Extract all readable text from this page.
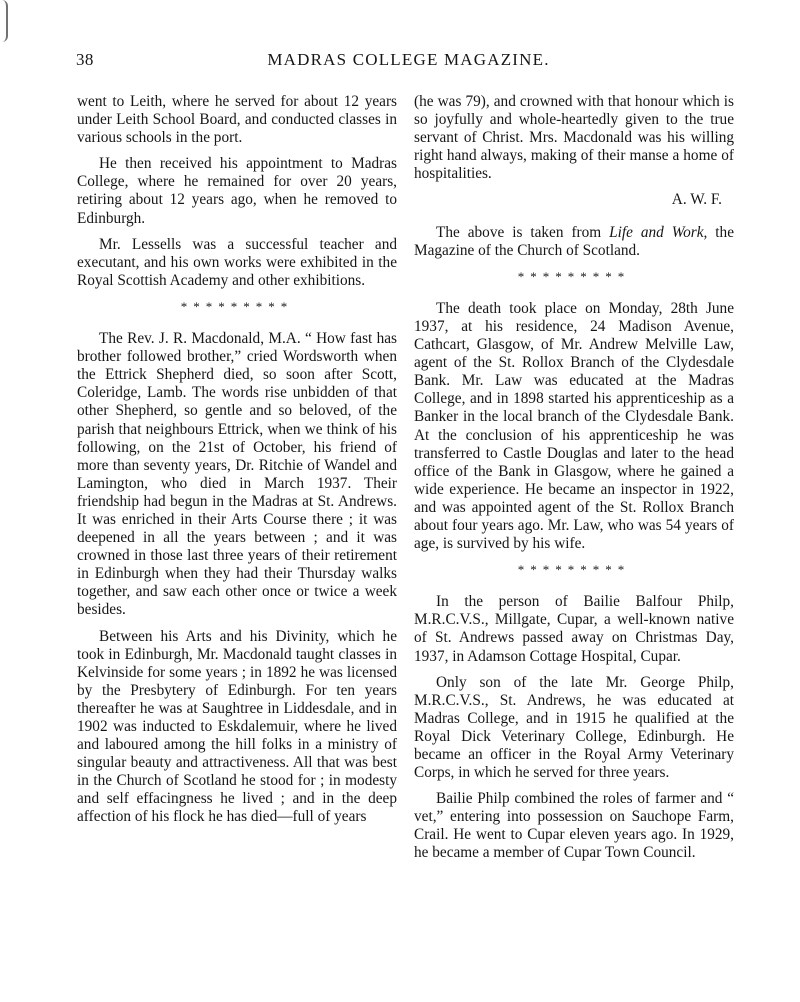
38	MADRAS COLLEGE MAGAZINE.

went to Leith, where he served for about 12 years under Leith School Board, and conducted classes in various schools in the port.

He then received his appointment to Madras College, where he remained for over 20 years, retiring about 12 years ago, when he removed to Edinburgh.

Mr. Lessells was a successful teacher and executant, and his own works were exhibited in the Royal Scottish Academy and other exhibitions.

*********

The Rev. J. R. Macdonald, M.A. “ How fast has brother followed brother,” cried Wordsworth when the Ettrick Shepherd died, so soon after Scott, Coleridge, Lamb. The words rise unbidden of that other Shepherd, so gentle and so beloved, of the parish that neighbours Ettrick, when we think of his following, on the 21st of October, his friend of more than seventy years, Dr. Ritchie of Wandel and Lamington, who died in March 1937. Their friendship had begun in the Madras at St. Andrews. It was enriched in their Arts Course there ; it was deepened in all the years between ; and it was crowned in those last three years of their retirement in Edinburgh when they had their Thursday walks together, and saw each other once or twice a week besides.

Between his Arts and his Divinity, which he took in Edinburgh, Mr. Macdonald taught classes in Kelvinside for some years ; in 1892 he was licensed by the Presbytery of Edinburgh. For ten years thereafter he was at Saughtree in Liddesdale, and in 1902 was inducted to Eskdalemuir, where he lived and laboured among the hill folks in a ministry of singular beauty and attractiveness. All that was best in the Church of Scotland he stood for ; in modesty and self effacingness he lived ; and in the deep affection of his flock he has died—full of years

(he was 79), and crowned with that honour which is so joyfully and whole-heartedly given to the true servant of Christ. Mrs. Macdonald was his willing right hand always, making of their manse a home of hospitalities.

A. W. F.

The above is taken from Life and Work, the Magazine of the Church of Scotland.

*********

The death took place on Monday, 28th June 1937, at his residence, 24 Madison Avenue, Cathcart, Glasgow, of Mr. Andrew Melville Law, agent of the St. Rollox Branch of the Clydesdale Bank. Mr. Law was educated at the Madras College, and in 1898 started his apprenticeship as a Banker in the local branch of the Clydesdale Bank. At the conclusion of his apprenticeship he was transferred to Castle Douglas and later to the head office of the Bank in Glasgow, where he gained a wide experience. He became an inspector in 1922, and was appointed agent of the St. Rollox Branch about four years ago. Mr. Law, who was 54 years of age, is survived by his wife.

*********

In the person of Bailie Balfour Philp, M.R.C.V.S., Millgate, Cupar, a well-known native of St. Andrews passed away on Christmas Day, 1937, in Adamson Cottage Hospital, Cupar.

Only son of the late Mr. George Philp, M.R.C.V.S., St. Andrews, he was educated at Madras College, and in 1915 he qualified at the Royal Dick Veterinary College, Edinburgh. He became an officer in the Royal Army Veterinary Corps, in which he served for three years.

Bailie Philp combined the roles of farmer and “ vet,” entering into possession on Sauchope Farm, Crail. He went to Cupar eleven years ago. In 1929, he became a member of Cupar Town Council.
